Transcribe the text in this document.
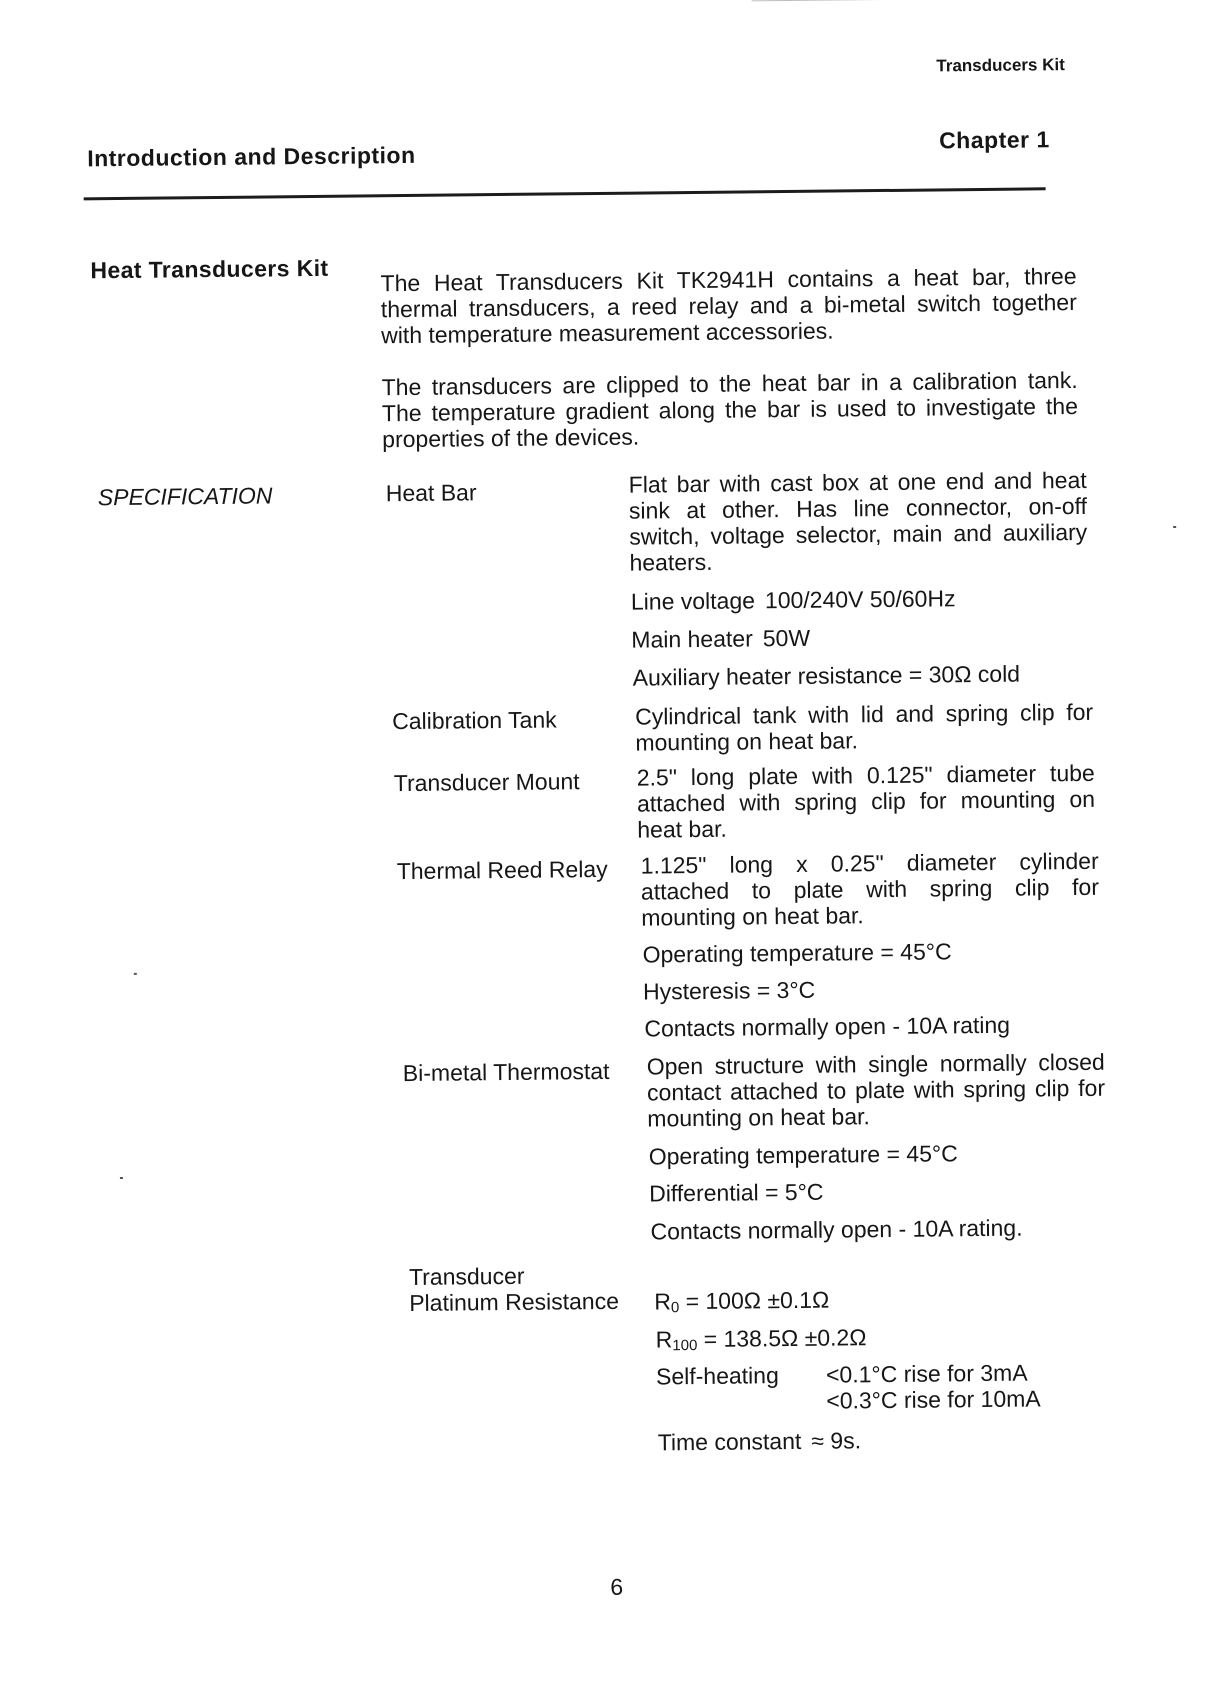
Transducers Kit
Introduction and Description
Chapter 1
Heat Transducers Kit
SPECIFICATION
The Heat Transducers Kit TK2941H contains a heat bar, three thermal transducers, a reed relay and a bi-metal switch together with temperature measurement accessories.
The transducers are clipped to the heat bar in a calibration tank. The temperature gradient along the bar is used to investigate the properties of the devices.
Heat Bar	Flat bar with cast box at one end and heat sink at other. Has line connector, on-off switch, voltage selector, main and auxiliary heaters.
Line voltage 100/240V 50/60Hz
Main heater 50W
Auxiliary heater resistance = 30Ω cold
Calibration Tank	Cylindrical tank with lid and spring clip for mounting on heat bar.
Transducer Mount	2.5" long plate with 0.125" diameter tube attached with spring clip for mounting on heat bar.
Thermal Reed Relay	1.125" long x 0.25" diameter cylinder attached to plate with spring clip for mounting on heat bar.
Operating temperature = 45°C
Hysteresis = 3°C
Contacts normally open - 10A rating
Bi-metal Thermostat	Open structure with single normally closed contact attached to plate with spring clip for mounting on heat bar.
Operating temperature = 45°C
Differential = 5°C
Contacts normally open - 10A rating.
Transducer
Platinum Resistance	$R_0 = 100\Omega \pm 0.1\Omega$
$R_{100} = 138.5\Omega \pm 0.2\Omega$
Self-heating <0.1°C rise for 3mA
<0.3°C rise for 10mA
Time constant ≈ 9s.
6
